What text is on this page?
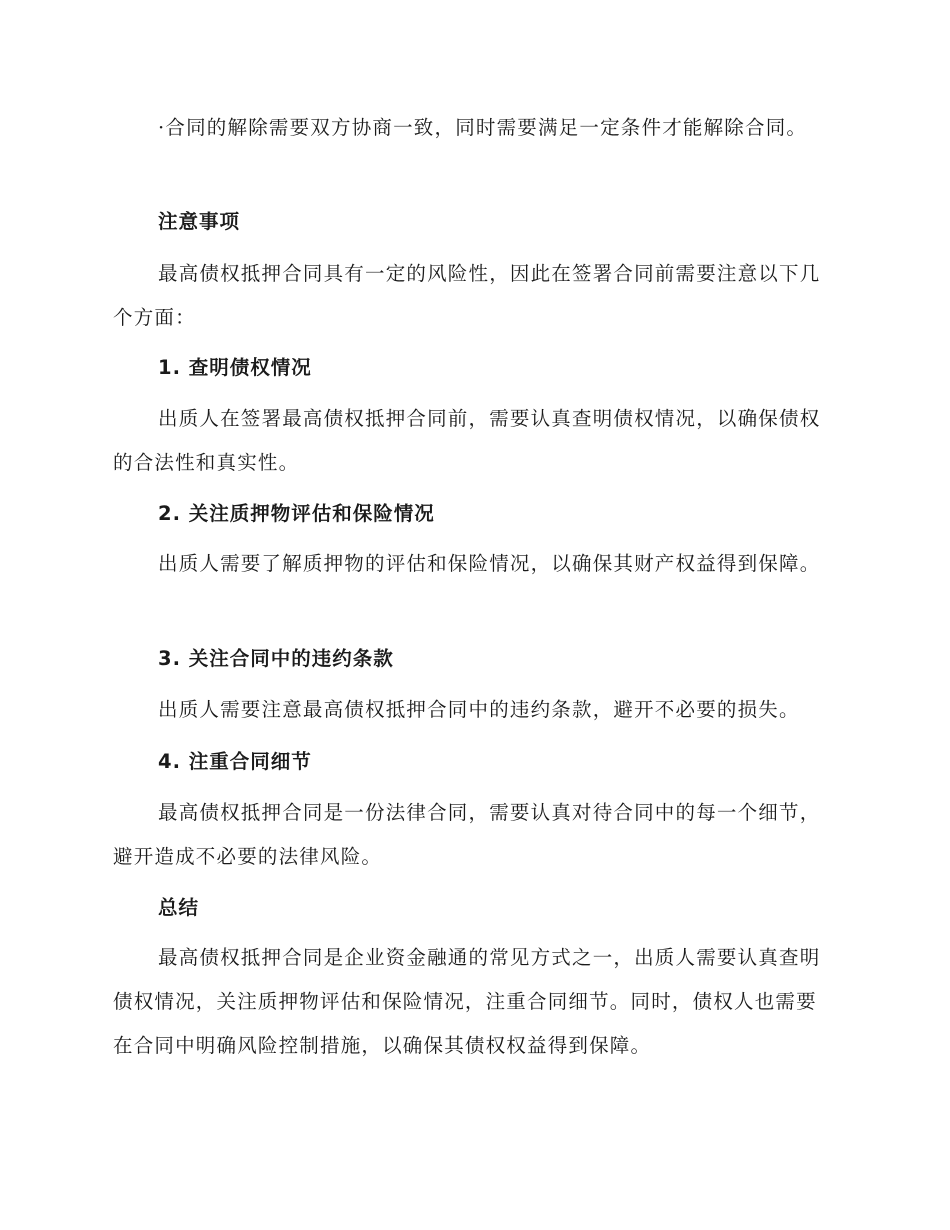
·合同的解除需要双方协商一致，同时需要满足一定条件才能解除合同。

注意事项

最高债权抵押合同具有一定的风险性，因此在签署合同前需要注意以下几个方面：

1. 查明债权情况

出质人在签署最高债权抵押合同前，需要认真查明债权情况，以确保债权的合法性和真实性。

2. 关注质押物评估和保险情况

出质人需要了解质押物的评估和保险情况，以确保其财产权益得到保障。

3. 关注合同中的违约条款

出质人需要注意最高债权抵押合同中的违约条款，避开不必要的损失。

4. 注重合同细节

最高债权抵押合同是一份法律合同，需要认真对待合同中的每一个细节，避开造成不必要的法律风险。

总结

最高债权抵押合同是企业资金融通的常见方式之一，出质人需要认真查明债权情况，关注质押物评估和保险情况，注重合同细节。同时，债权人也需要在合同中明确风险控制措施，以确保其债权权益得到保障。
